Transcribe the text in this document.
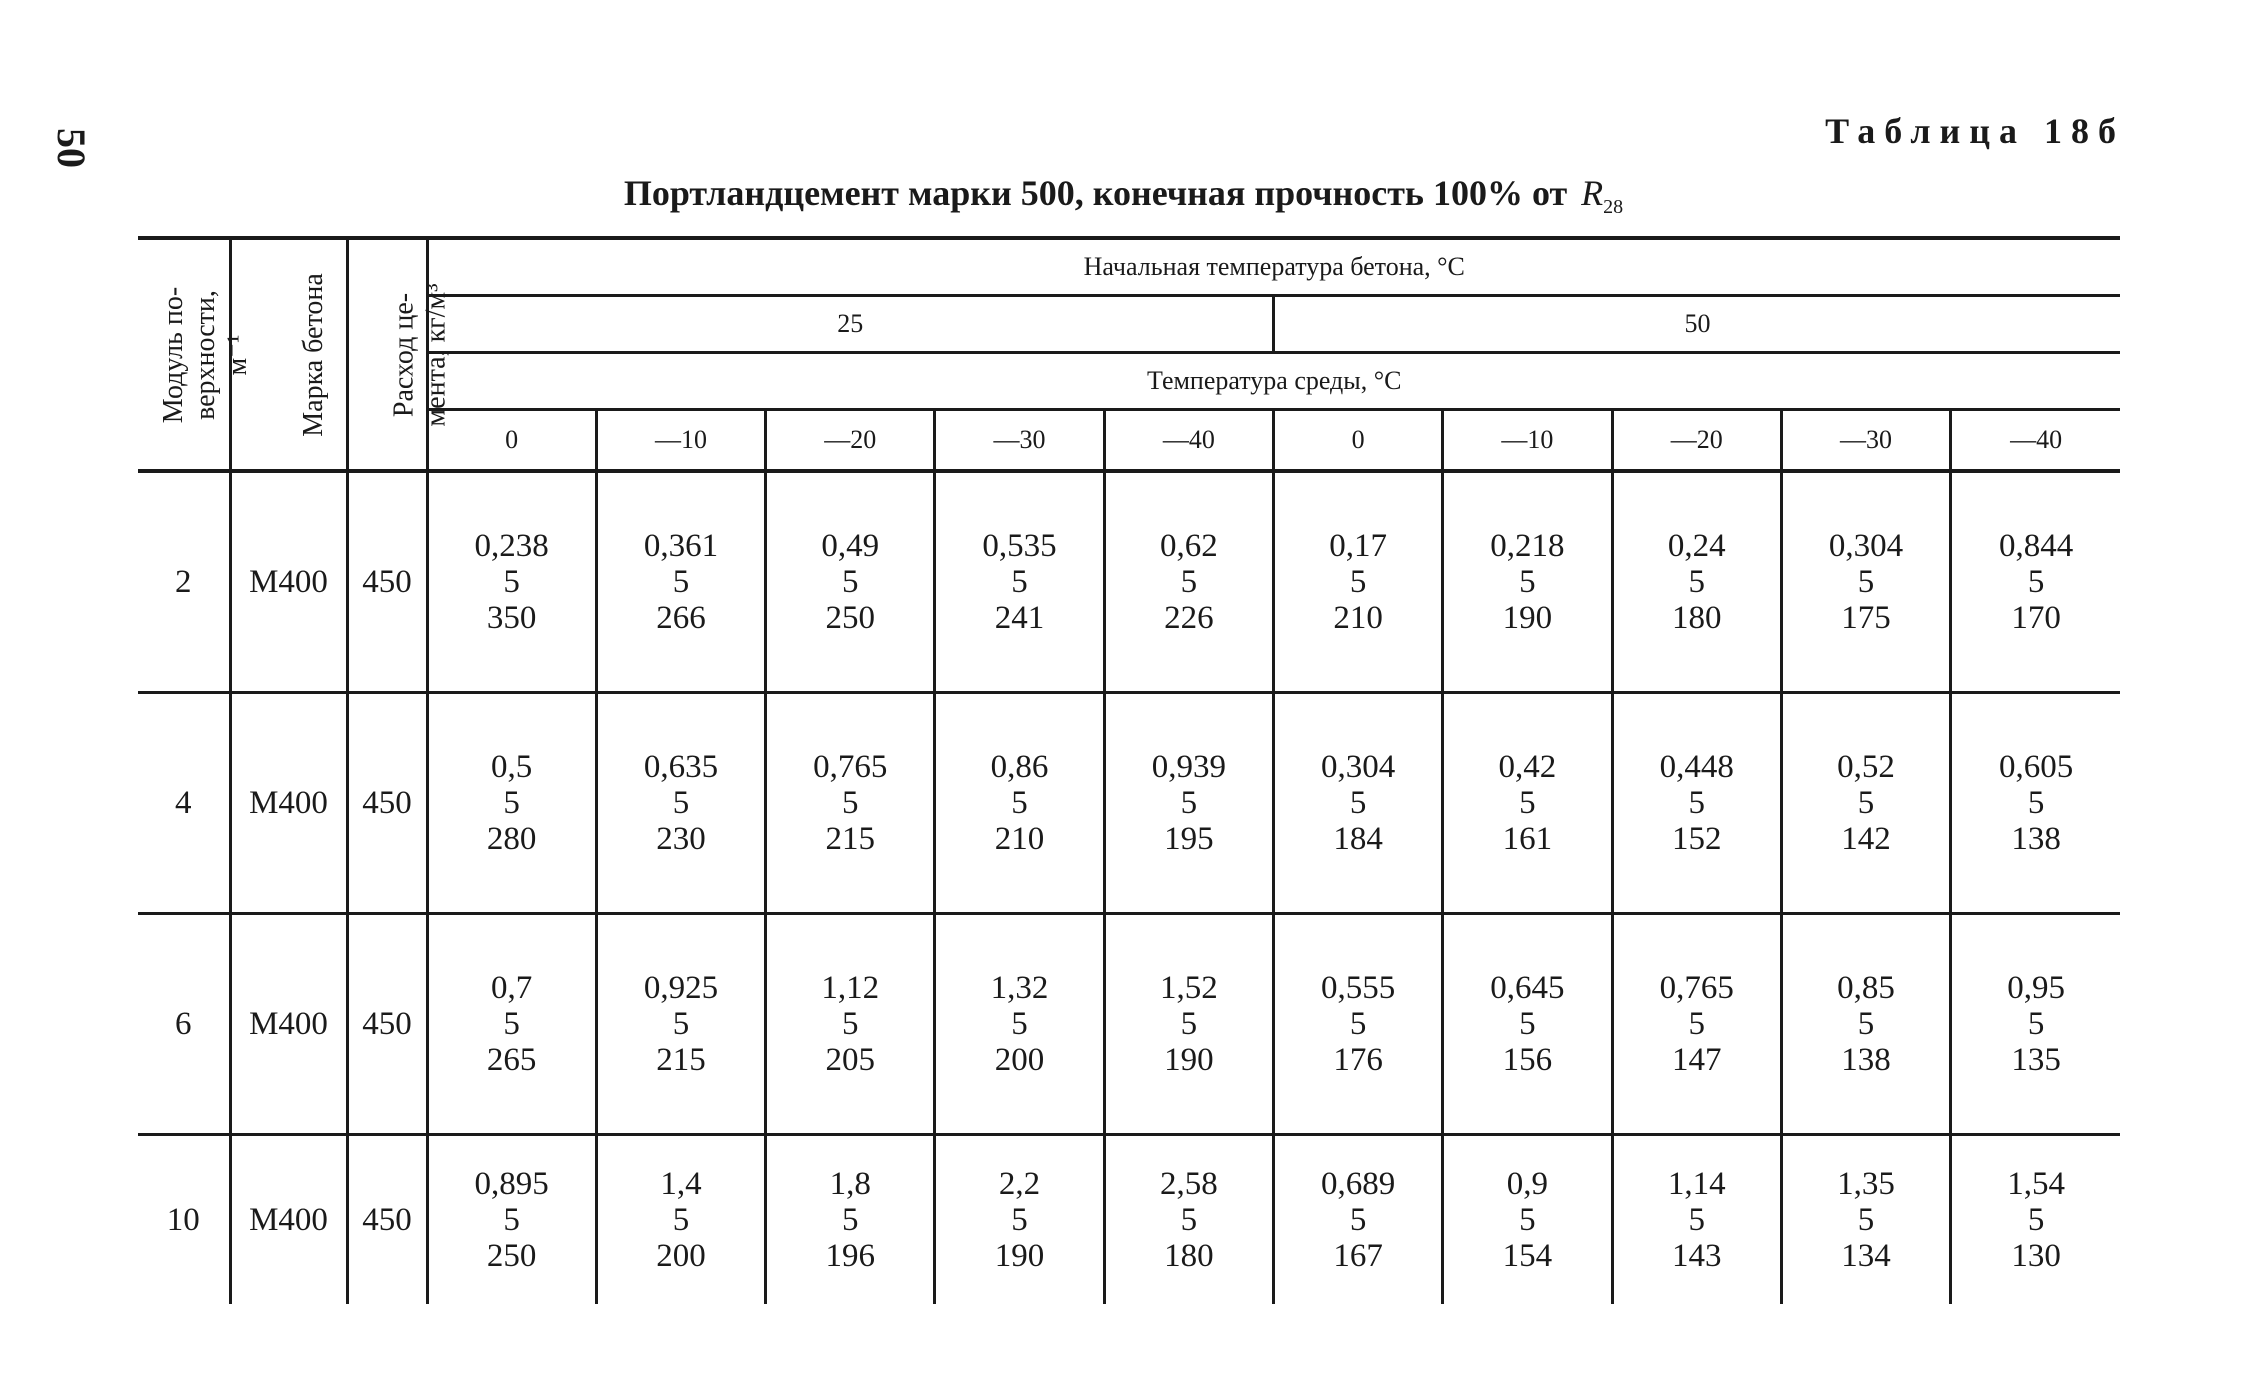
50	Таблица 18б
Портландцемент марки 500, конечная прочность 100% от $R_{28}$
Модуль по-
верхности,
м⁻¹	Марка бетона	Расход це-
мента, кг/м³	Начальная температура бетона, °С									
			25					50				
			Температура среды, °С									
			0	—10	—20	—30	—40	0	—10	—20	—30	—40
2	М400	450	0,238
5
350	0,361
5
266	0,49
5
250	0,535
5
241	0,62
5
226	0,17
5
210	0,218
5
190	0,24
5
180	0,304
5
175	0,844
5
170

4	М400	450	0,5
5
280	0,635
5
230	0,765
5
215	0,86
5
210	0,939
5
195	0,304
5
184	0,42
5
161	0,448
5
152	0,52
5
142	0,605
5
138

6	М400	450	0,7
5
265	0,925
5
215	1,12
5
205	1,32
5
200	1,52
5
190	0,555
5
176	0,645
5
156	0,765
5
147	0,85
5
138	0,95
5
135

10	М400	450	0,895
5
250	1,4
5
200	1,8
5
196	2,2
5
190	2,58
5
180	0,689
5
167	0,9
5
154	1,14
5
143	1,35
5
134	1,54
5
130
